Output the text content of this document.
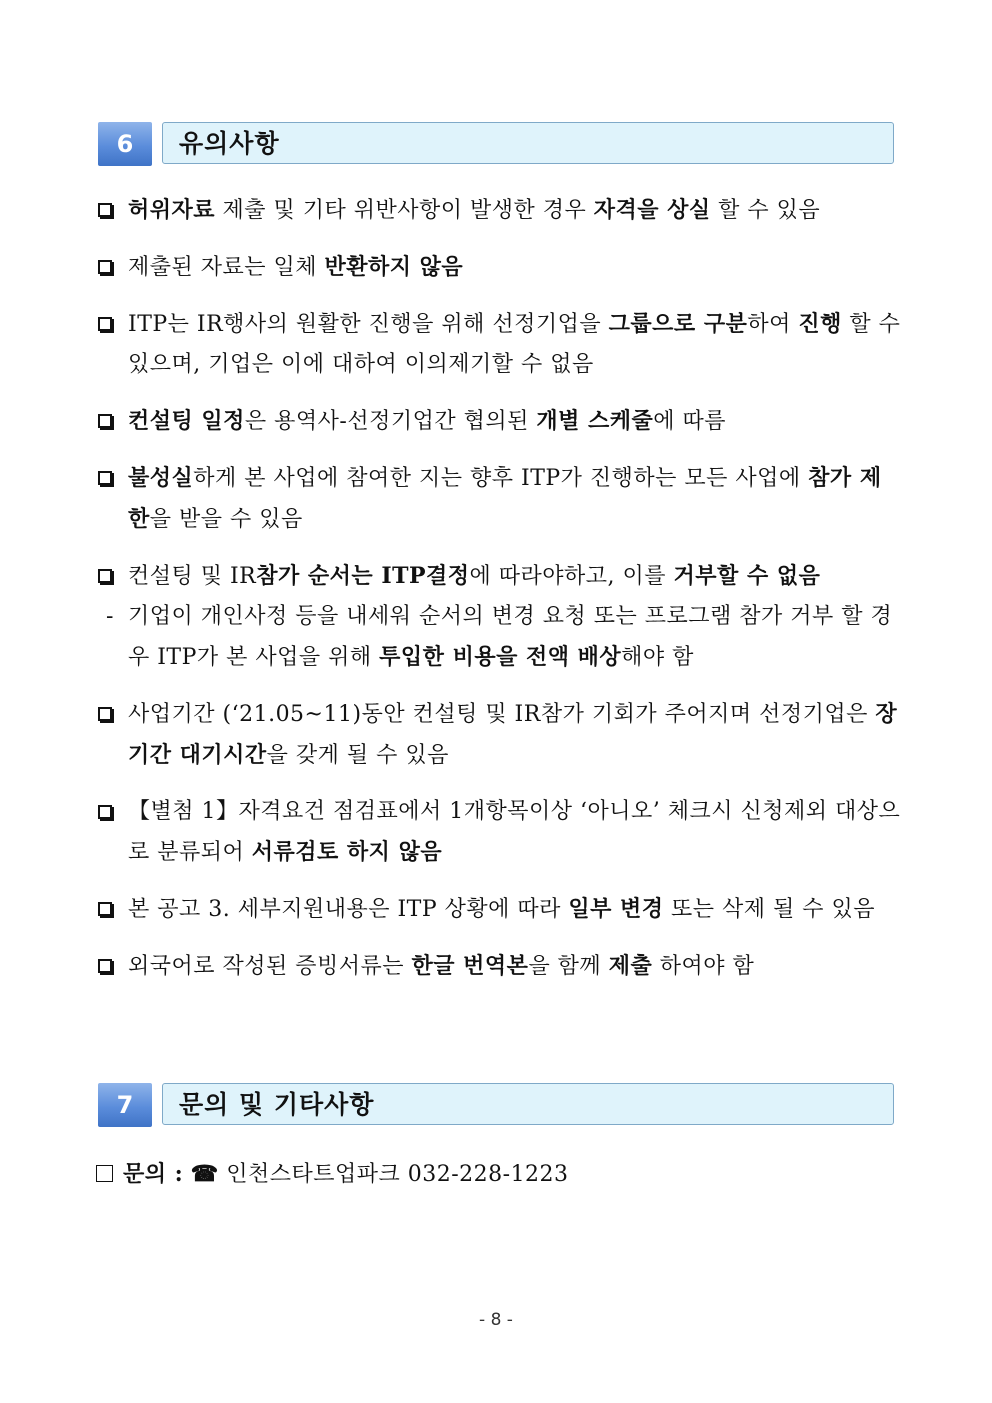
6	유의사항
허위자료 제출 및 기타 위반사항이 발생한 경우 자격을 상실 할 수 있음
제출된 자료는 일체 반환하지 않음
ITP는 IR행사의 원활한 진행을 위해 선정기업을 그룹으로 구분하여 진행 할 수 있으며, 기업은 이에 대하여 이의제기할 수 없음
컨설팅 일정은 용역사-선정기업간 협의된 개별 스케줄에 따름
불성실하게 본 사업에 참여한 지는 향후 ITP가 진행하는 모든 사업에 참가 제한을 받을 수 있음
컨설팅 및 IR참가 순서는 ITP결정에 따라야하고, 이를 거부할 수 없음
- 기업이 개인사정 등을 내세워 순서의 변경 요청 또는 프로그램 참가 거부 할 경우 ITP가 본 사업을 위해 투입한 비용을 전액 배상해야 함
사업기간 (‘21.05~11)동안 컨설팅 및 IR참가 기회가 주어지며 선정기업은 장기간 대기시간을 갖게 될 수 있음
【별첨 1】자격요건 점검표에서 1개항목이상 ‘아니오’ 체크시 신청제외 대상으로 분류되어 서류검토 하지 않음
본 공고 3. 세부지원내용은 ITP 상황에 따라 일부 변경 또는 삭제 될 수 있음
외국어로 작성된 증빙서류는 한글 번역본을 함께 제출 하여야 함
7	문의 및 기타사항
문의 : ☎ 인천스타트업파크 032-228-1223
- 8 -
